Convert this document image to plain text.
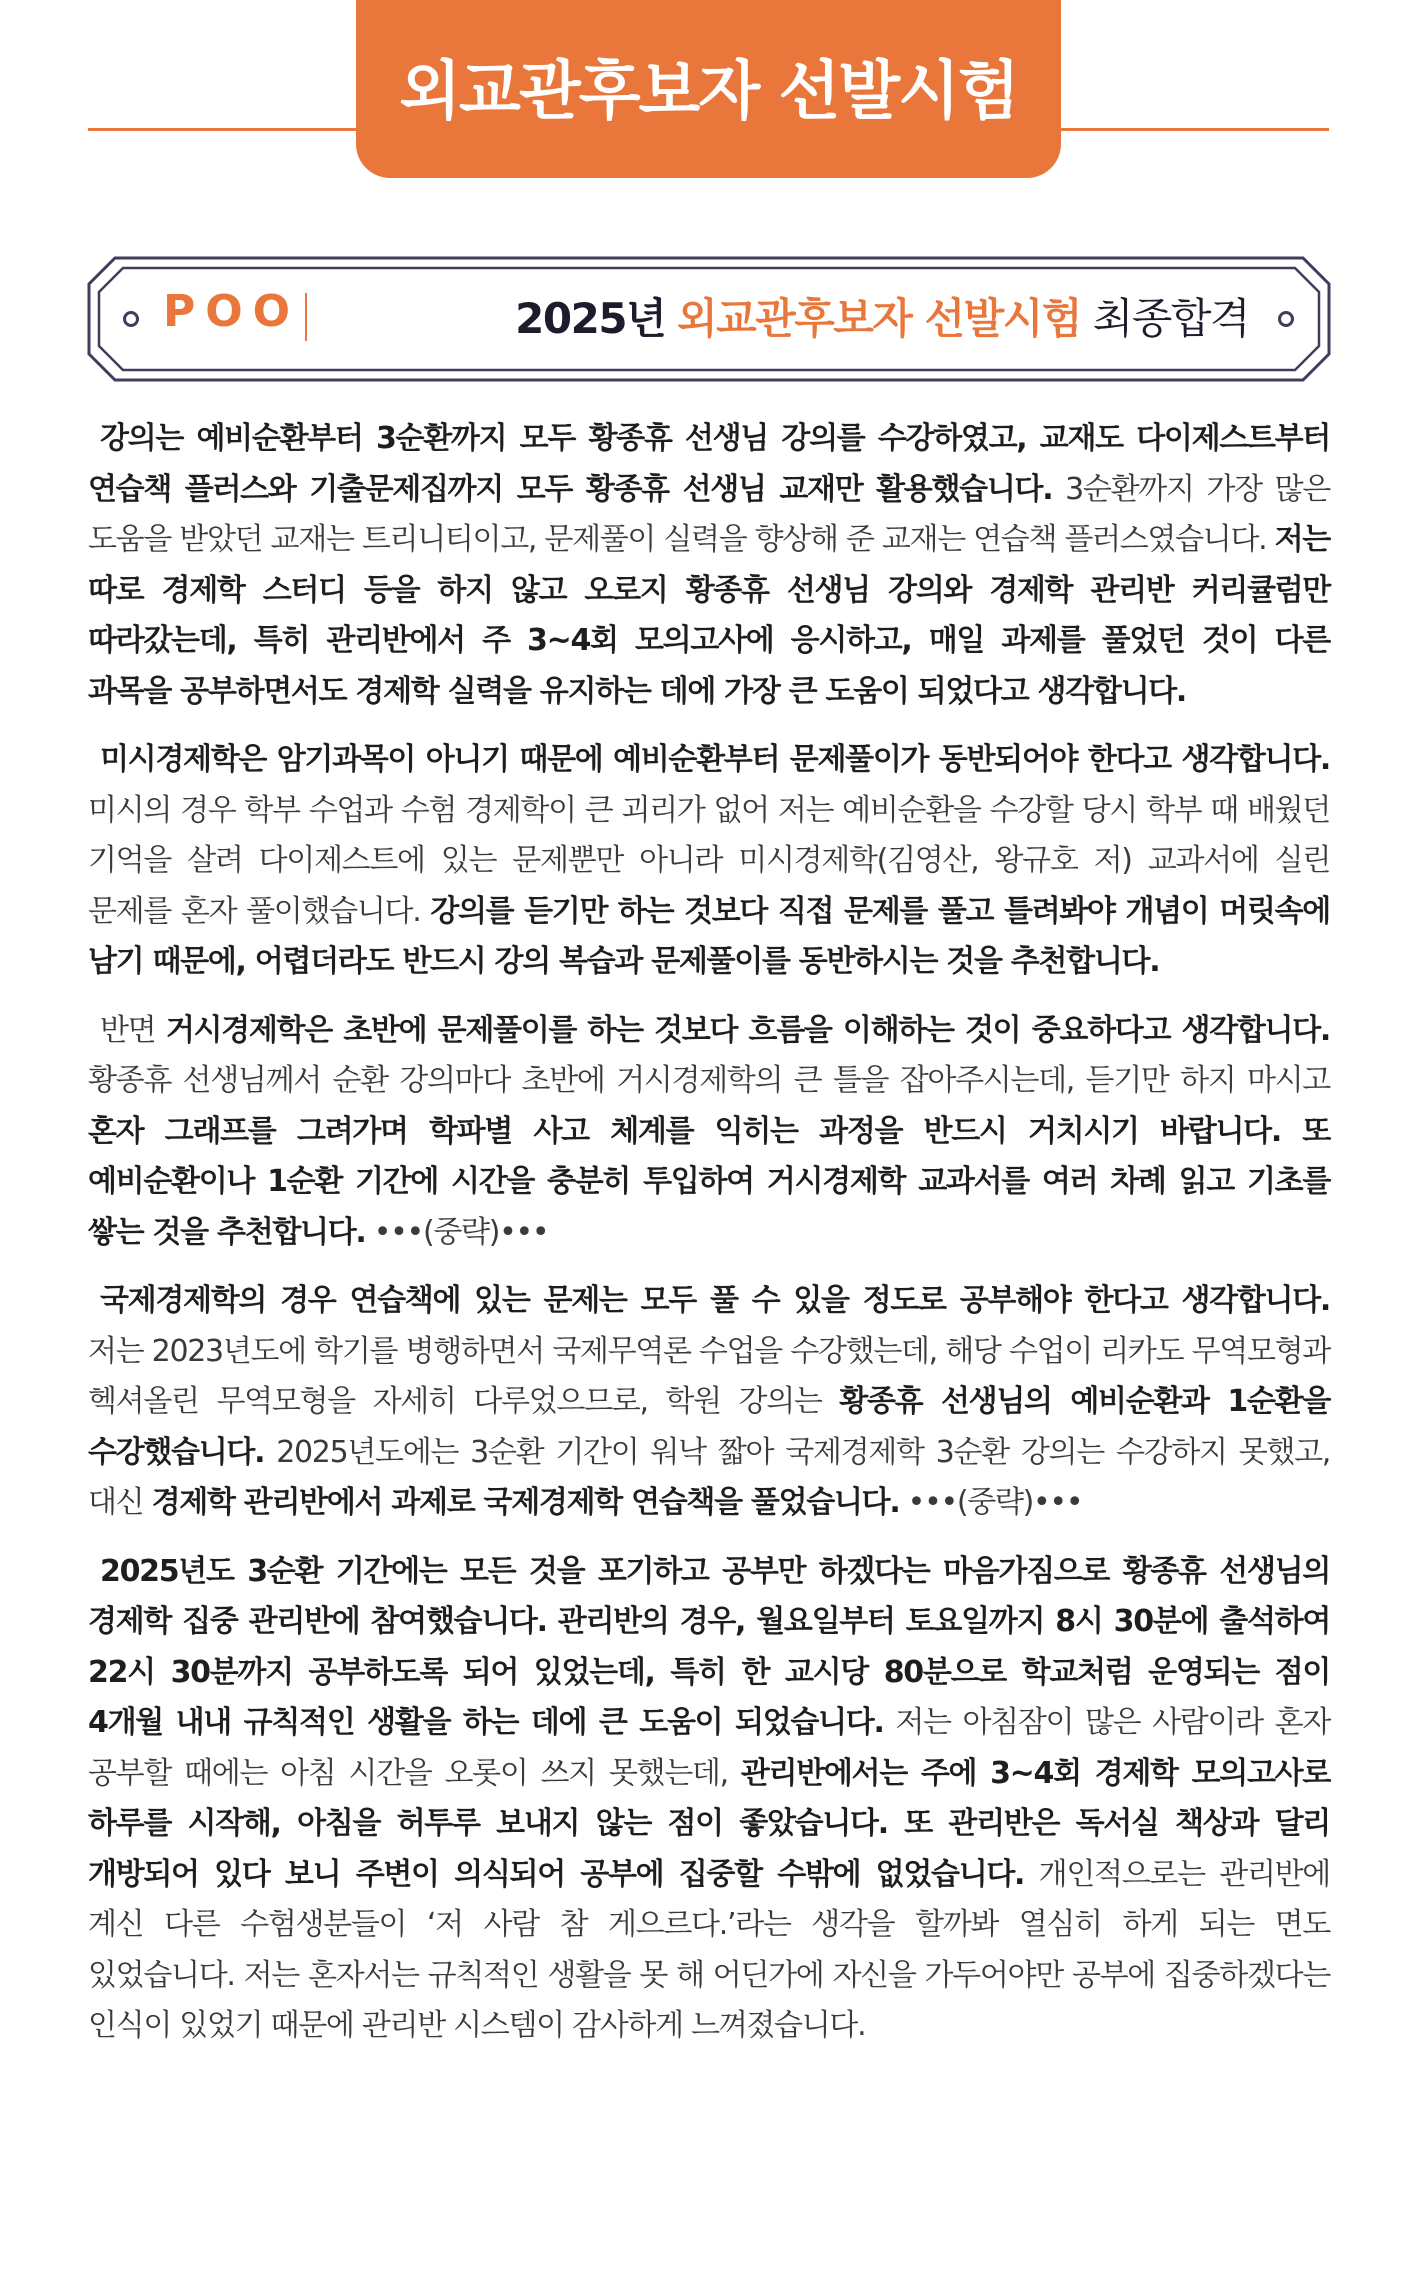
외교관후보자 선발시험
POO	2025년 외교관후보자 선발시험 최종합격

강의는 예비순환부터 3순환까지 모두 황종휴 선생님 강의를 수강하였고, 교재도 다이제스트부터 연습책 플러스와 기출문제집까지 모두 황종휴 선생님 교재만 활용했습니다. 3순환까지 가장 많은 도움을 받았던 교재는 트리니티이고, 문제풀이 실력을 향상해 준 교재는 연습책 플러스였습니다. 저는 따로 경제학 스터디 등을 하지 않고 오로지 황종휴 선생님 강의와 경제학 관리반 커리큘럼만 따라갔는데, 특히 관리반에서 주 3~4회 모의고사에 응시하고, 매일 과제를 풀었던 것이 다른 과목을 공부하면서도 경제학 실력을 유지하는 데에 가장 큰 도움이 되었다고 생각합니다.

미시경제학은 암기과목이 아니기 때문에 예비순환부터 문제풀이가 동반되어야 한다고 생각합니다. 미시의 경우 학부 수업과 수험 경제학이 큰 괴리가 없어 저는 예비순환을 수강할 당시 학부 때 배웠던 기억을 살려 다이제스트에 있는 문제뿐만 아니라 미시경제학(김영산, 왕규호 저) 교과서에 실린 문제를 혼자 풀이했습니다. 강의를 듣기만 하는 것보다 직접 문제를 풀고 틀려봐야 개념이 머릿속에 남기 때문에, 어렵더라도 반드시 강의 복습과 문제풀이를 동반하시는 것을 추천합니다.

반면 거시경제학은 초반에 문제풀이를 하는 것보다 흐름을 이해하는 것이 중요하다고 생각합니다. 황종휴 선생님께서 순환 강의마다 초반에 거시경제학의 큰 틀을 잡아주시는데, 듣기만 하지 마시고 혼자 그래프를 그려가며 학파별 사고 체계를 익히는 과정을 반드시 거치시기 바랍니다. 또 예비순환이나 1순환 기간에 시간을 충분히 투입하여 거시경제학 교과서를 여러 차례 읽고 기초를 쌓는 것을 추천합니다. •••(중략)•••

국제경제학의 경우 연습책에 있는 문제는 모두 풀 수 있을 정도로 공부해야 한다고 생각합니다. 저는 2023년도에 학기를 병행하면서 국제무역론 수업을 수강했는데, 해당 수업이 리카도 무역모형과 헥셔올린 무역모형을 자세히 다루었으므로, 학원 강의는 황종휴 선생님의 예비순환과 1순환을 수강했습니다. 2025년도에는 3순환 기간이 워낙 짧아 국제경제학 3순환 강의는 수강하지 못했고, 대신 경제학 관리반에서 과제로 국제경제학 연습책을 풀었습니다. •••(중략)•••

2025년도 3순환 기간에는 모든 것을 포기하고 공부만 하겠다는 마음가짐으로 황종휴 선생님의 경제학 집중 관리반에 참여했습니다. 관리반의 경우, 월요일부터 토요일까지 8시 30분에 출석하여 22시 30분까지 공부하도록 되어 있었는데, 특히 한 교시당 80분으로 학교처럼 운영되는 점이 4개월 내내 규칙적인 생활을 하는 데에 큰 도움이 되었습니다. 저는 아침잠이 많은 사람이라 혼자 공부할 때에는 아침 시간을 오롯이 쓰지 못했는데, 관리반에서는 주에 3~4회 경제학 모의고사로 하루를 시작해, 아침을 허투루 보내지 않는 점이 좋았습니다. 또 관리반은 독서실 책상과 달리 개방되어 있다 보니 주변이 의식되어 공부에 집중할 수밖에 없었습니다. 개인적으로는 관리반에 계신 다른 수험생분들이 ‘저 사람 참 게으르다.’라는 생각을 할까봐 열심히 하게 되는 면도 있었습니다. 저는 혼자서는 규칙적인 생활을 못 해 어딘가에 자신을 가두어야만 공부에 집중하겠다는 인식이 있었기 때문에 관리반 시스템이 감사하게 느껴졌습니다.
